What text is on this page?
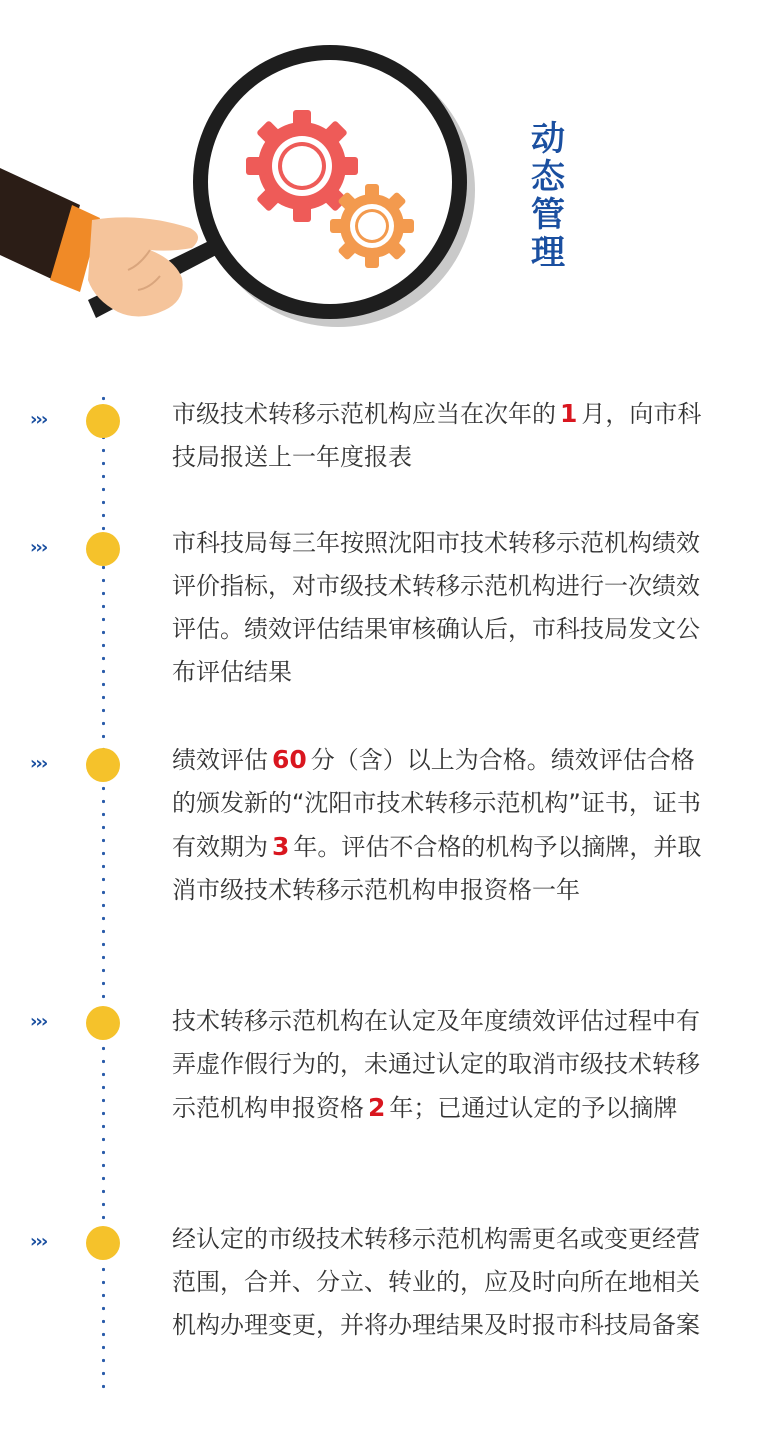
动
态
管
理
›››	市级技术转移示范机构应当在次年的 1 月，向市科技局报送上一年度报表
›››	市科技局每三年按照沈阳市技术转移示范机构绩效评价指标，对市级技术转移示范机构进行一次绩效评估。绩效评估结果审核确认后，市科技局发文公布评估结果
›››	绩效评估 60 分（含）以上为合格。绩效评估合格的颁发新的“沈阳市技术转移示范机构”证书，证书有效期为 3 年。评估不合格的机构予以摘牌，并取消市级技术转移示范机构申报资格一年
›››	技术转移示范机构在认定及年度绩效评估过程中有弄虚作假行为的，未通过认定的取消市级技术转移示范机构申报资格 2 年；已通过认定的予以摘牌
›››	经认定的市级技术转移示范机构需更名或变更经营范围，合并、分立、转业的，应及时向所在地相关机构办理变更，并将办理结果及时报市科技局备案
